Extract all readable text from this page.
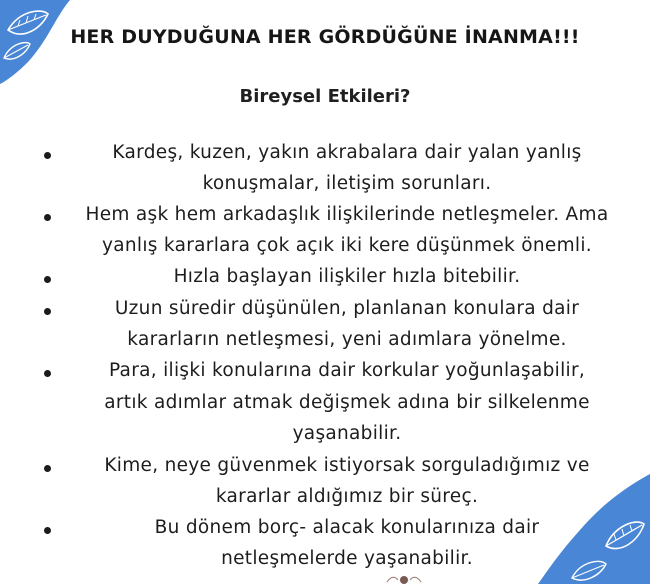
HER DUYDUĞUNA HER GÖRDÜĞÜNE İNANMA!!!
Bireysel Etkileri?
Kardeş, kuzen, yakın akrabalara dair yalan yanlış
konuşmalar, iletişim sorunları.
Hem aşk hem arkadaşlık ilişkilerinde netleşmeler. Ama
yanlış kararlara çok açık iki kere düşünmek önemli.
Hızla başlayan ilişkiler hızla bitebilir.
Uzun süredir düşünülen, planlanan konulara dair
kararların netleşmesi, yeni adımlara yönelme.
Para, ilişki konularına dair korkular yoğunlaşabilir,
artık adımlar atmak değişmek adına bir silkelenme
yaşanabilir.
Kime, neye güvenmek istiyorsak sorguladığımız ve
kararlar aldığımız bir süreç.
Bu dönem borç- alacak konularınıza dair
netleşmelerde yaşanabilir.
